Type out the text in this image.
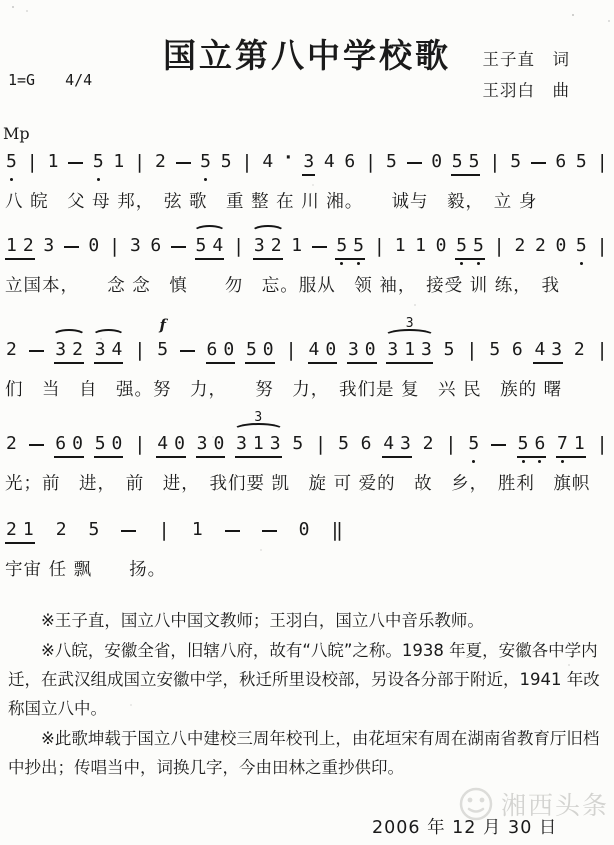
国立第八中学校歌	王子直　词
王羽白　曲
1=G 4/4
Mp
5 | 1 5 1 | 2 5 5 | 4 · 3 4 6 | 5 0 5 5 | 5 6 5 |
八 皖　父 母 邦，　弦 歌　重 整 在 川 湘。　　诚与　毅，　立 身
1 2 3 0 | 3 6 5 4 | 3 2 1 5 5 | 1 1 0 5 5 | 2 2 0 5 |
立国本，　　念 念　慎　　勿　忘。服从　领 袖，　接受 训 练，　我
2 3 2 3 4 |
f
5 6 0 5 0 | 4 0 3 0
3
3 1 3 5 | 5 6 4 3 2 |
们　当　自　强。努　力，　　努　力，　我们是 复　兴 民　族的 曙
2 6 0 5 0 | 4 0 3 0
3
3 1 3 5 | 5 6 4 3 2 | 5 5 6 7 1 |
光；前　进，　前　进，　我们要 凯　旋 可 爱的　故　乡，　胜利　旗帜
2 1 2 5	| 1	0 ‖
宇宙 任 飘　　扬。

※王子直，国立八中国文教师；王羽白，国立八中音乐教师。

※八皖，安徽全省，旧辖八府，故有“八皖”之称。1938 年夏，安徽各中学内迁，在武汉组成国立安徽中学，秋迁所里设校部，另设各分部于附近，1941 年改称国立八中。

※此歌坤载于国立八中建校三周年校刊上，由花垣宋有周在湖南省教育厅旧档中抄出；传唱当中，词换几字，今由田林之重抄供印。

湘西头条
2006 年 12 月 30 日
